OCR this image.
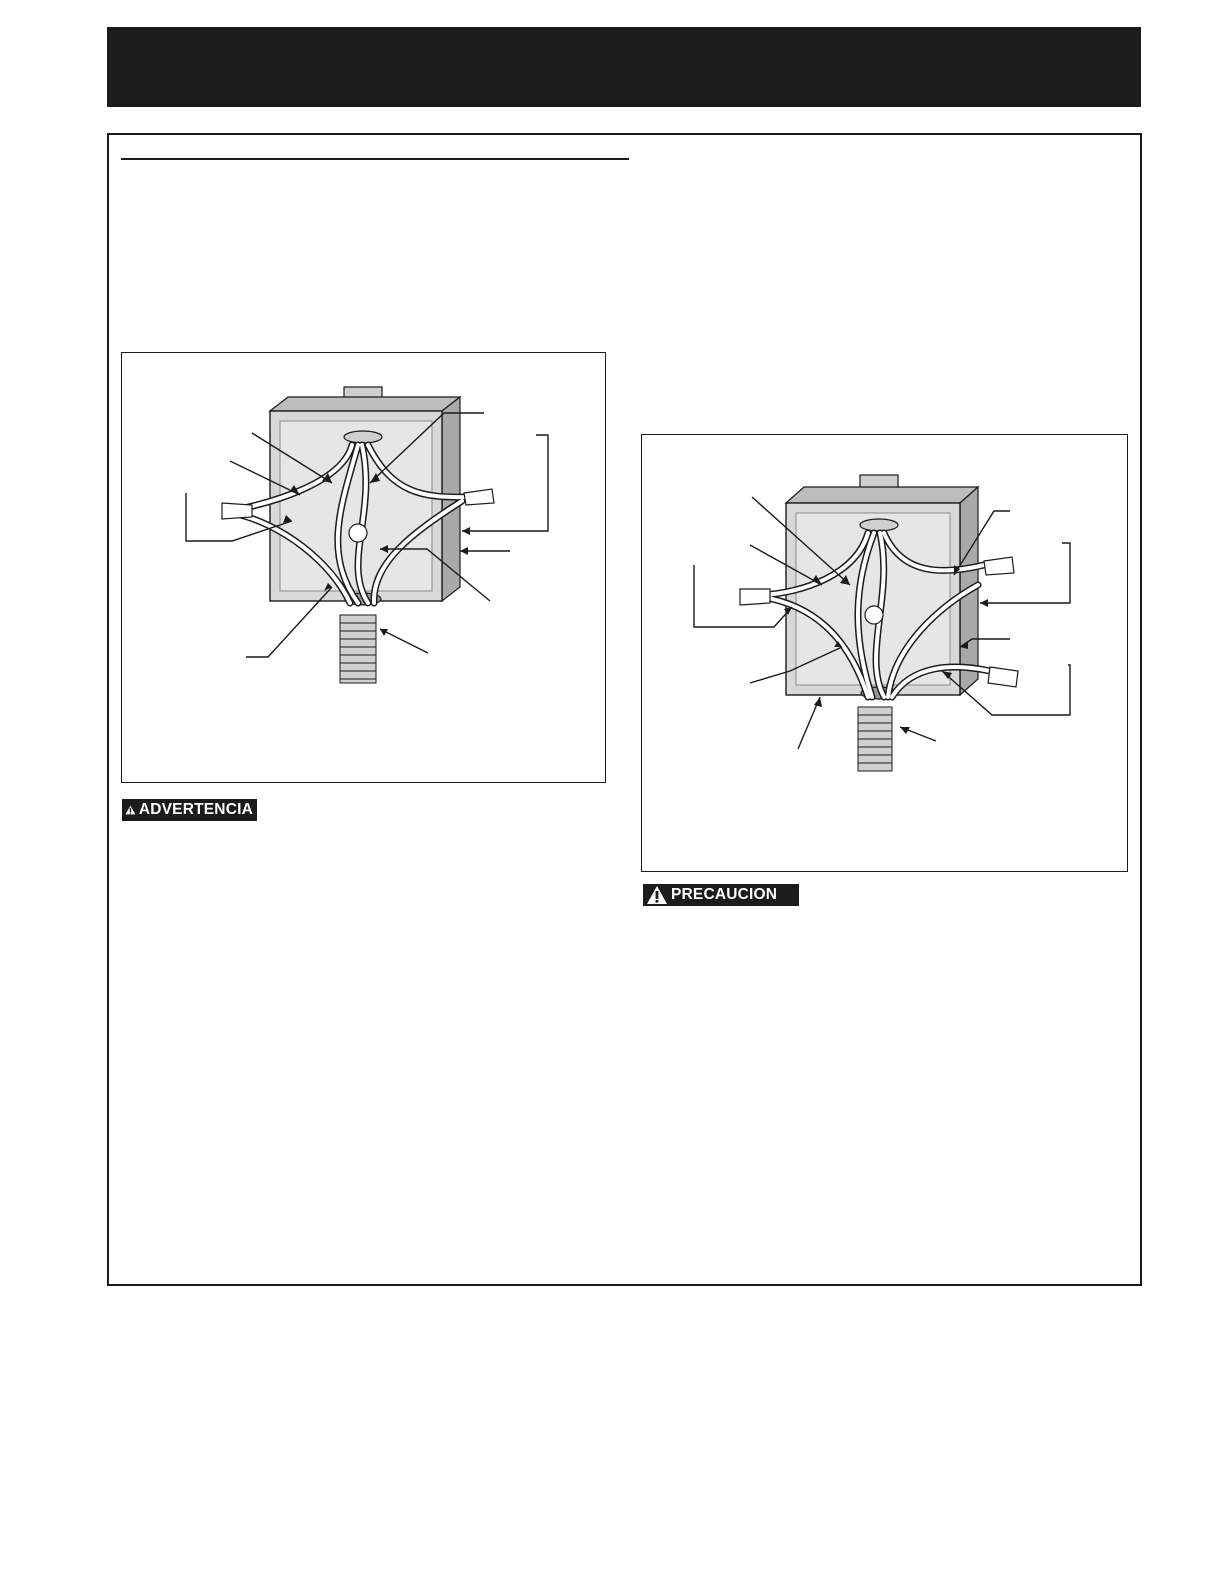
ADVERTENCIA
PRECAUCION
